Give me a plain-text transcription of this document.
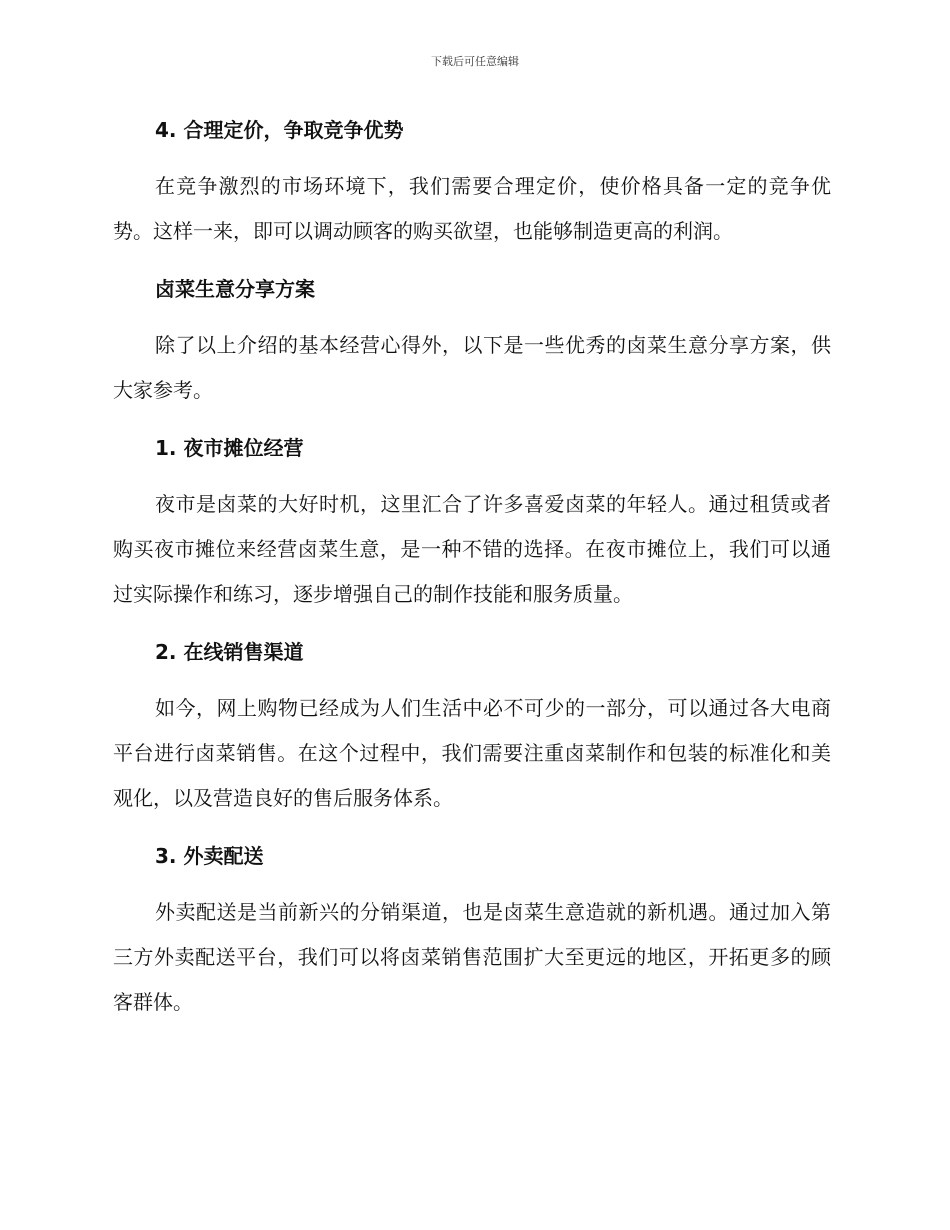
下载后可任意编辑
4. 合理定价，争取竞争优势

在竞争激烈的市场环境下，我们需要合理定价，使价格具备一定的竞争优势。这样一来，即可以调动顾客的购买欲望，也能够制造更高的利润。

卤菜生意分享方案

除了以上介绍的基本经营心得外，以下是一些优秀的卤菜生意分享方案，供大家参考。

1. 夜市摊位经营

夜市是卤菜的大好时机，这里汇合了许多喜爱卤菜的年轻人。通过租赁或者购买夜市摊位来经营卤菜生意，是一种不错的选择。在夜市摊位上，我们可以通过实际操作和练习，逐步增强自己的制作技能和服务质量。

2. 在线销售渠道

如今，网上购物已经成为人们生活中必不可少的一部分，可以通过各大电商平台进行卤菜销售。在这个过程中，我们需要注重卤菜制作和包装的标准化和美观化，以及营造良好的售后服务体系。

3. 外卖配送

外卖配送是当前新兴的分销渠道，也是卤菜生意造就的新机遇。通过加入第三方外卖配送平台，我们可以将卤菜销售范围扩大至更远的地区，开拓更多的顾客群体。
